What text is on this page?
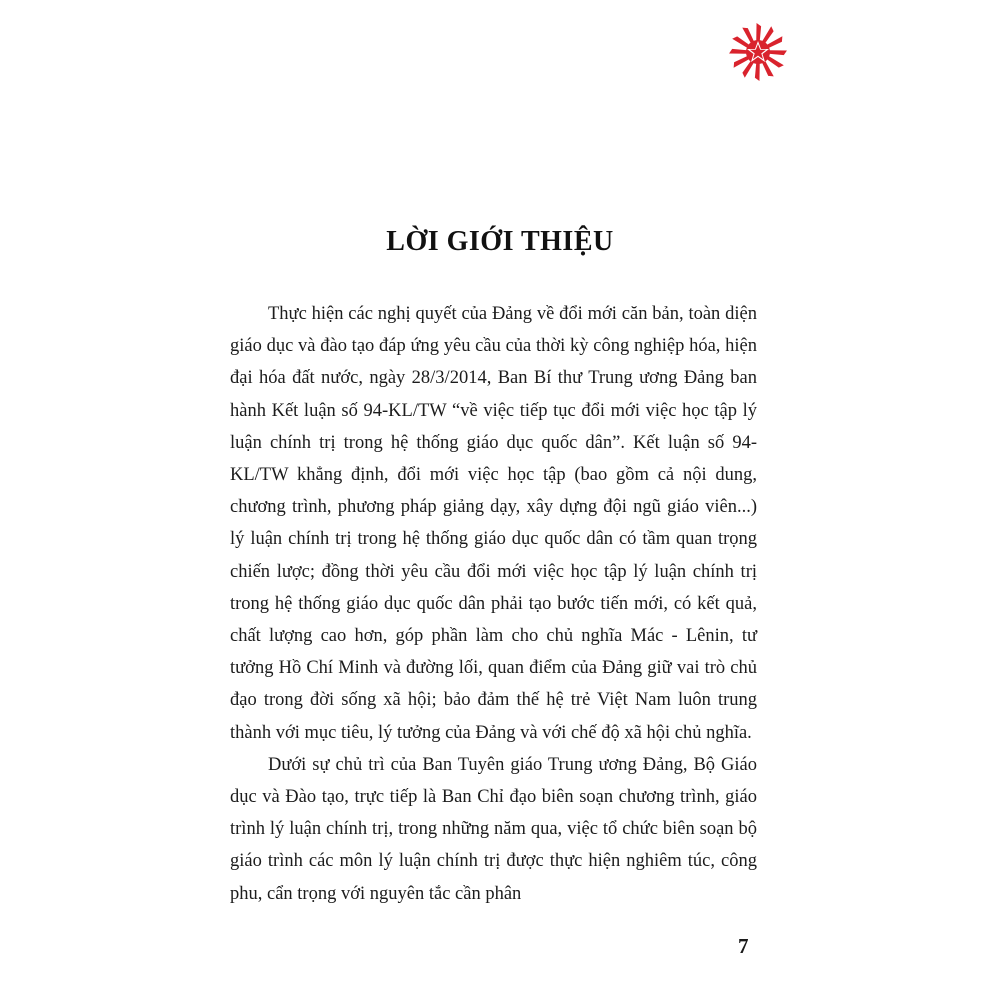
LỜI GIỚI THIỆU

Thực hiện các nghị quyết của Đảng về đổi mới căn bản, toàn diện giáo dục và đào tạo đáp ứng yêu cầu của thời kỳ công nghiệp hóa, hiện đại hóa đất nước, ngày 28/3/2014, Ban Bí thư Trung ương Đảng ban hành Kết luận số 94-KL/TW “về việc tiếp tục đổi mới việc học tập lý luận chính trị trong hệ thống giáo dục quốc dân”. Kết luận số 94-KL/TW khẳng định, đổi mới việc học tập (bao gồm cả nội dung, chương trình, phương pháp giảng dạy, xây dựng đội ngũ giáo viên...) lý luận chính trị trong hệ thống giáo dục quốc dân có tầm quan trọng chiến lược; đồng thời yêu cầu đổi mới việc học tập lý luận chính trị trong hệ thống giáo dục quốc dân phải tạo bước tiến mới, có kết quả, chất lượng cao hơn, góp phần làm cho chủ nghĩa Mác - Lênin, tư tưởng Hồ Chí Minh và đường lối, quan điểm của Đảng giữ vai trò chủ đạo trong đời sống xã hội; bảo đảm thế hệ trẻ Việt Nam luôn trung thành với mục tiêu, lý tưởng của Đảng và với chế độ xã hội chủ nghĩa.

Dưới sự chủ trì của Ban Tuyên giáo Trung ương Đảng, Bộ Giáo dục và Đào tạo, trực tiếp là Ban Chỉ đạo biên soạn chương trình, giáo trình lý luận chính trị, trong những năm qua, việc tổ chức biên soạn bộ giáo trình các môn lý luận chính trị được thực hiện nghiêm túc, công phu, cẩn trọng với nguyên tắc cần phân

7
